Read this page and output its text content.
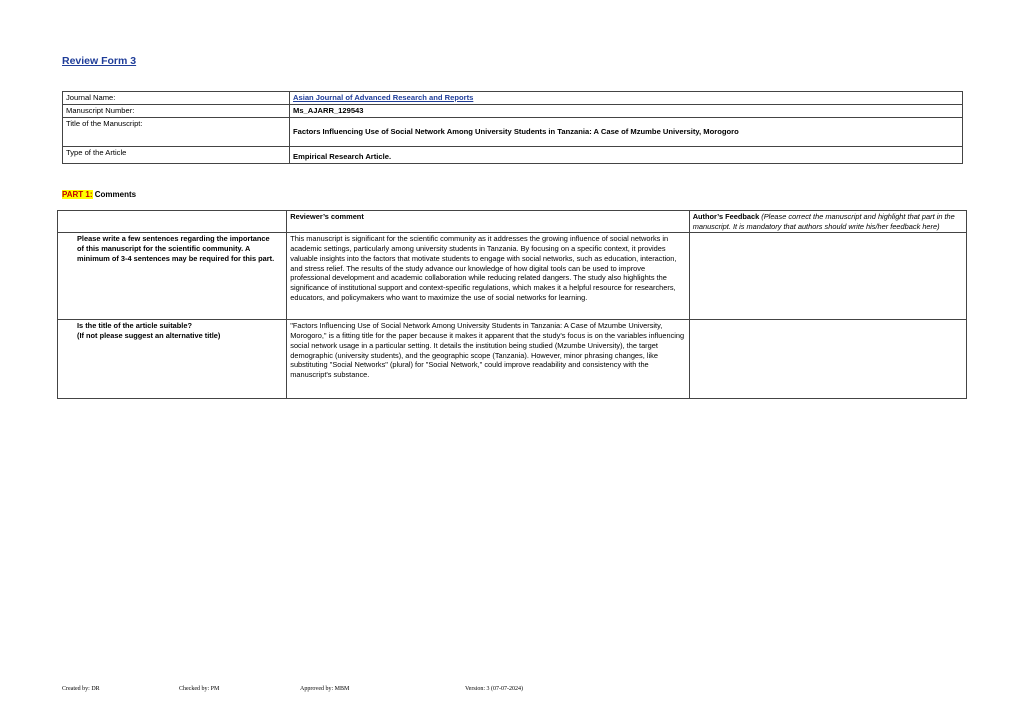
Review Form 3
Journal Name:	Asian Journal of Advanced Research and Reports
Manuscript Number:	Ms_AJARR_129543
Title of the Manuscript:	Factors Influencing Use of Social Network Among University Students in Tanzania: A Case of Mzumbe University, Morogoro
Type of the Article	Empirical Research Article.
PART 1: Comments
	Reviewer’s comment	Author’s Feedback (Please correct the manuscript and highlight that part in the manuscript. It is mandatory that authors should write his/her feedback here)
Please write a few sentences regarding the importance of this manuscript for the scientific community. A minimum of 3-4 sentences may be required for this part.	This manuscript is significant for the scientific community as it addresses the growing influence of social networks in academic settings, particularly among university students in Tanzania. By focusing on a specific context, it provides valuable insights into the factors that motivate students to engage with social networks, such as education, interaction, and stress relief. The results of the study advance our knowledge of how digital tools can be used to improve professional development and academic collaboration while reducing related dangers. The study also highlights the significance of institutional support and context-specific regulations, which makes it a helpful resource for researchers, educators, and policymakers who want to maximize the use of social networks for learning.	
Is the title of the article suitable?
(If not please suggest an alternative title)	"Factors Influencing Use of Social Network Among University Students in Tanzania: A Case of Mzumbe University, Morogoro," is a fitting title for the paper because it makes it apparent that the study's focus is on the variables influencing social network usage in a particular setting. It details the institution being studied (Mzumbe University), the target demographic (university students), and the geographic scope (Tanzania). However, minor phrasing changes, like substituting "Social Networks" (plural) for "Social Network," could improve readability and consistency with the manuscript's substance.	
Created by: DR	Checked by: PM	Approved by: MBM	Version: 3 (07-07-2024)
